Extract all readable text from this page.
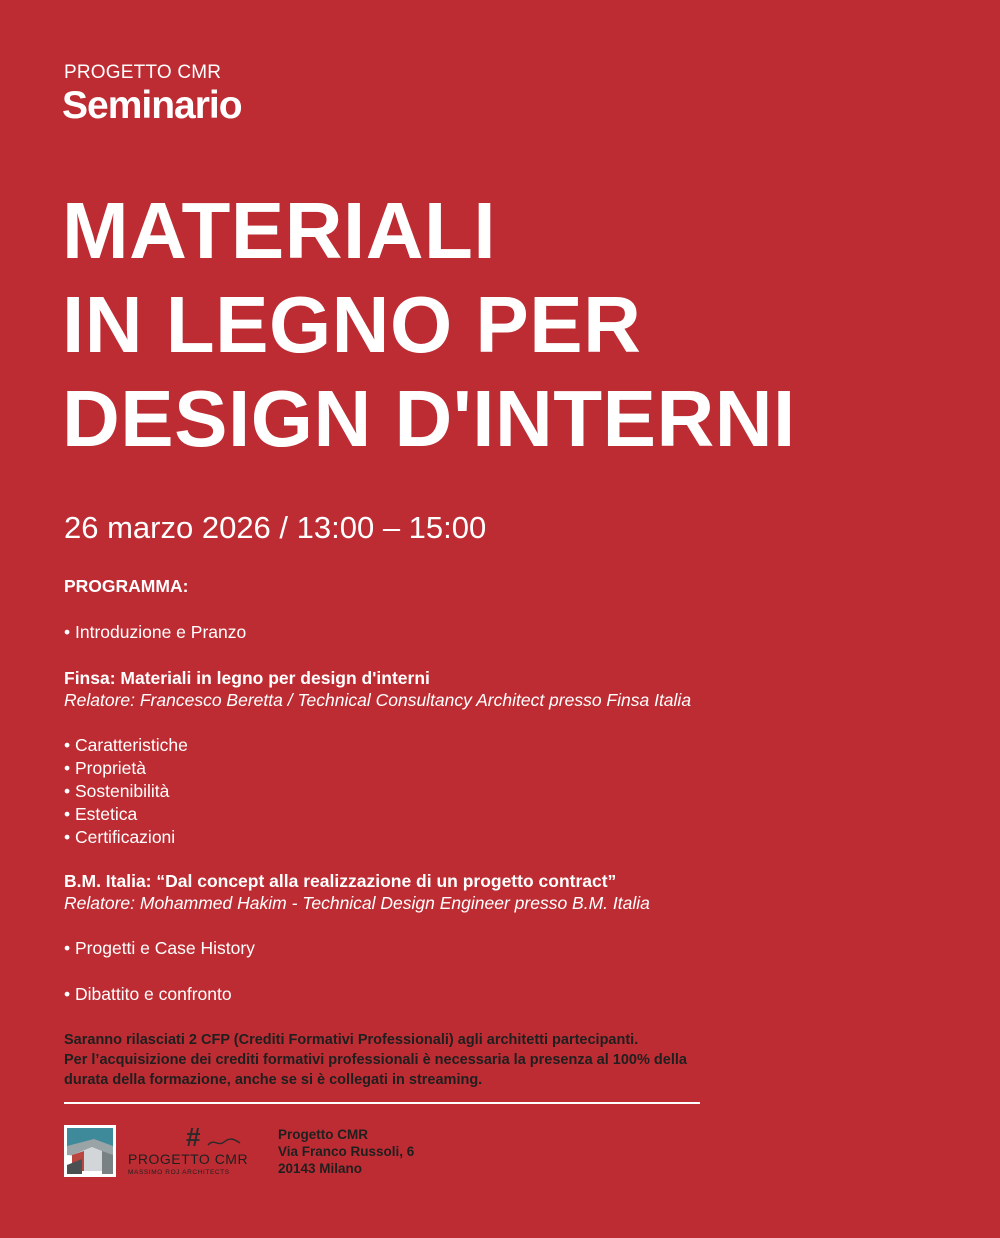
PROGETTO CMR
Seminario
MATERIALI
IN LEGNO PER
DESIGN D'INTERNI
26 marzo 2026 / 13:00 – 15:00
PROGRAMMA:
• Introduzione e Pranzo
Finsa: Materiali in legno per design d'interni
Relatore: Francesco Beretta / Technical Consultancy Architect presso Finsa Italia
• Caratteristiche
• Proprietà
• Sostenibilità
• Estetica
• Certificazioni
B.M. Italia: “Dal concept alla realizzazione di un progetto contract”
Relatore: Mohammed Hakim - Technical Design Engineer presso B.M. Italia
• Progetti e Case History
• Dibattito e confronto
Saranno rilasciati 2 CFP (Crediti Formativi Professionali) agli architetti partecipanti.
Per l’acquisizione dei crediti formativi professionali è necessaria la presenza al 100% della
durata della formazione, anche se si è collegati in streaming.
#
PROGETTO CMR
MASSIMO ROJ ARCHITECTS
Progetto CMR
Via Franco Russoli, 6
20143 Milano
